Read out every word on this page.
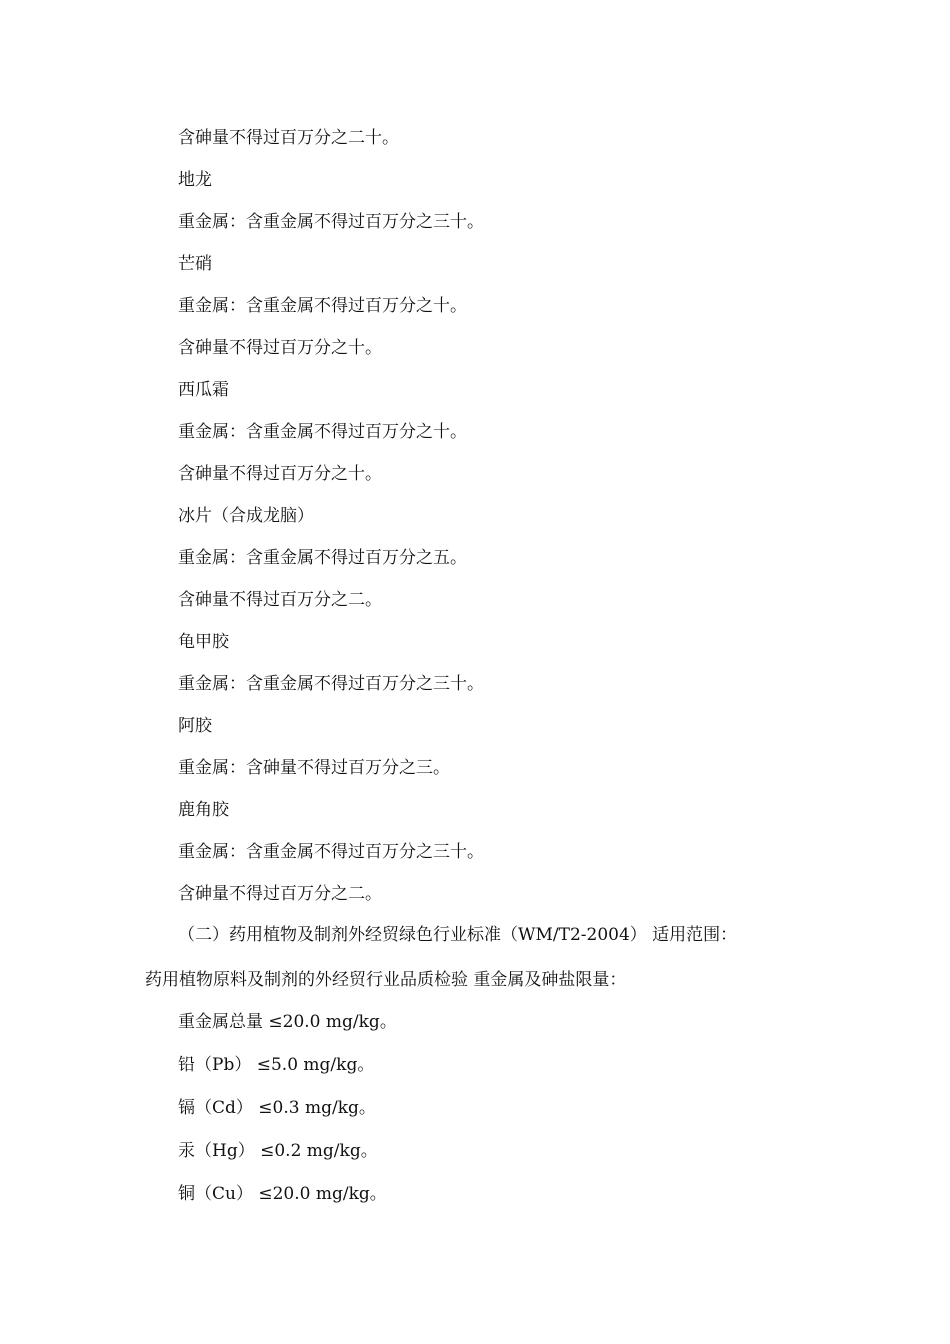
含砷量不得过百万分之二十。
地龙
重金属：含重金属不得过百万分之三十。
芒硝
重金属：含重金属不得过百万分之十。
含砷量不得过百万分之十。
西瓜霜
重金属：含重金属不得过百万分之十。
含砷量不得过百万分之十。
冰片（合成龙脑）
重金属：含重金属不得过百万分之五。
含砷量不得过百万分之二。
龟甲胶
重金属：含重金属不得过百万分之三十。
阿胶
重金属：含砷量不得过百万分之三。
鹿角胶
重金属：含重金属不得过百万分之三十。
含砷量不得过百万分之二。
（二）药用植物及制剂外经贸绿色行业标准（WM/T2-2004） 适用范围：
药用植物原料及制剂的外经贸行业品质检验 重金属及砷盐限量：
重金属总量 ≤20.0 mg/kg。
铅（Pb） ≤5.0 mg/kg。
镉（Cd） ≤0.3 mg/kg。
汞（Hg） ≤0.2 mg/kg。
铜（Cu） ≤20.0 mg/kg。
